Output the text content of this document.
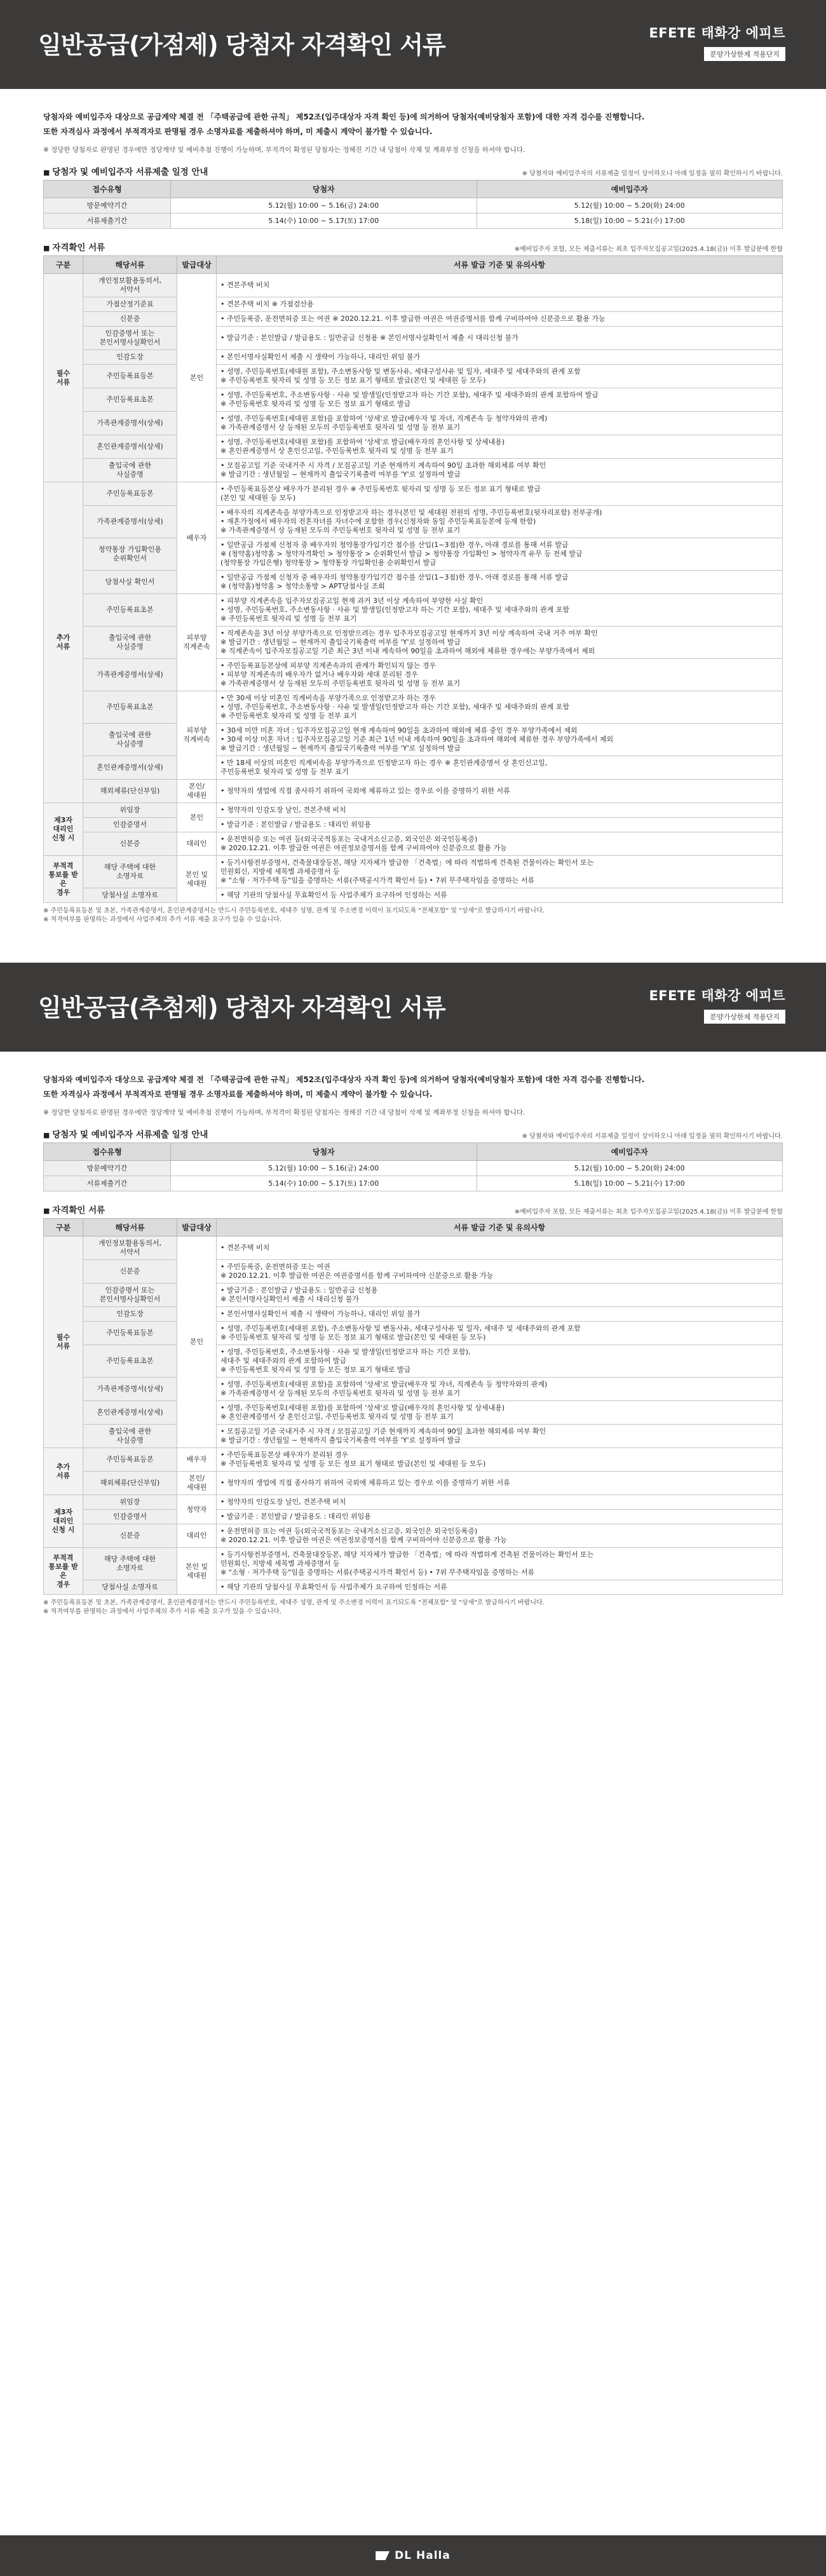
일반공급(가점제) 당첨자 자격확인 서류	EFETE 태화강 에피트
분양가상한제 적용단지

당첨자와 예비입주자 대상으로 공급계약 체결 전 「주택공급에 관한 규칙」 제52조(입주대상자 자격 확인 등)에 의거하여 당첨자(예비당첨자 포함)에 대한 자격 검수를 진행합니다.

또한 자격심사 과정에서 부적격자로 판명될 경우 소명자료를 제출하셔야 하며, 미 제출시 계약이 불가할 수 있습니다.

※ 정당한 당첨자로 판명된 경우에만 정당계약 및 예비추첨 진행이 가능하며, 부적격이 확정된 당첨자는 정해진 기간 내 당첨이 삭제 및 계좌부정 신청을 하셔야 합니다.

■ 당첨자 및 예비입주자 서류제출 일정 안내	※ 당첨자와 예비입주자의 서류제출 일정이 상이하오니 아래 일정을 필히 확인하시기 바랍니다.
접수유형	당첨자	예비입주자
방문예약기간	5.12(월) 10:00 ~ 5.16(금) 24:00	5.12(월) 10:00 ~ 5.20(화) 24:00
서류제출기간	5.14(수) 10:00 ~ 5.17(토) 17:00	5.18(일) 10:00 ~ 5.21(수) 17:00
■ 자격확인 서류	※예비입주자 포함, 모든 제출서류는 최초 입주자모집공고일(2025.4.18(금)) 이후 발급분에 한함
구분	해당서류	발급대상	서류 발급 기준 및 유의사항
필수
서류	개인정보활용동의서,
서약서	본인	• 견본주택 비치
	가점산정기준표		• 견본주택 비치 ※ 가점검산용
	신분증		• 주민등록증, 운전면허증 또는 여권 ※ 2020.12.21. 이후 발급한 여권은 여권증명서를 함께 구비하여야 신분증으로 활용 가능
	인감증명서 또는
본인서명사실확인서		• 발급기준 : 본인발급 / 발급용도 : 일반공급 신청용 ※ 본인서명사실확인서 제출 시 대리신청 불가
	인감도장		• 본인서명사실확인서 제출 시 생략이 가능하나, 대리인 위임 불가
	주민등록표등본		• 성명, 주민등록번호(세대원 포함), 주소변동사항 및 변동사유, 세대구성사유 및 일자, 세대주 및 세대주와의 관계 포함
※ 주민등록번호 뒷자리 및 성명 등 모든 정보 표기 형태로 발급(본인 및 세대원 등 모두)
	주민등록표초본		• 성명, 주민등록번호, 주소변동사항 · 사유 및 발생일(인정받고자 하는 기간 포함), 세대주 및 세대주와의 관계 포함하여 발급
※ 주민등록번호 뒷자리 및 성명 등 모든 정보 표기 형태로 발급
	가족관계증명서(상세)		• 성명, 주민등록번호(세대원 포함)을 포함하여 '상세'로 발급(배우자 및 자녀, 직계존속 등 청약자와의 관계)
※ 가족관계증명서 상 등재된 모두의 주민등록번호 뒷자리 및 성명 등 전부 표기
	혼인관계증명서(상세)		• 성명, 주민등록번호(세대원 포함)를 포함하여 '상세'로 발급(배우자의 혼인사항 및 상세내용)
※ 혼인관계증명서 상 혼인신고일, 주민등록번호 뒷자리 및 성명 등 전부 표기
	출입국에 관한
사실증명		• 모집공고일 기준 국내거주 시 자격 / 모집공고일 기준 현재까지 계속하여 90일 초과한 해외체류 여부 확인
※ 발급기간 : 생년월일 ~ 현재까지 출입국기록출력 여부를 'Y'로 설정하여 발급
추가
서류	주민등록표등본	배우자	• 주민등록표등본상 배우자가 분리된 경우 ※ 주민등록번호 뒷자리 및 성명 등 모든 정보 표기 형태로 발급
(본인 및 세대원 등 모두)
	가족관계증명서(상세)		• 배우자의 직계존속을 부양가족으로 인정받고자 하는 경우(본인 및 세대원 전원의 성명, 주민등록번호(뒷자리포함) 전부공개)
• 재혼가정에서 배우자의 전혼자녀를 자녀수에 포함한 경우(신청자와 동일 주민등록표등본에 등재 한함)
※ 가족관계증명서 상 등재된 모두의 주민등록번호 뒷자리 및 성명 등 전부 표기
	청약통장 가입확인용
순위확인서		• 일반공급 가점제 신청자 중 배우자의 청약통장가입기간 점수를 산입(1~3점)한 경우, 아래 경로를 통해 서류 발급
※ (청약홈)청약홈 > 청약자격확인 > 청약통장 > 순위확인서 발급 > 청약통장 가입확인 > 청약자격 유무 등 전체 발급
(청약통장 가입은행) 청약통장 > 청약통장 가입확인용 순위확인서 발급
	당첨사실 확인서		• 일반공급 가점제 신청자 중 배우자의 청약통장가입기간 점수를 산입(1~3점)한 경우, 아래 경로를 통해 서류 발급
※ (청약홈)청약홈 > 청약소통방 > APT당첨사실 조회
	주민등록표초본	피부양
직계존속	• 피부양 직계존속을 입주자모집공고일 현재 과거 3년 이상 계속하여 부양한 사실 확인
• 성명, 주민등록번호, 주소변동사항 · 사유 및 발생일(인정받고자 하는 기간 포함), 세대주 및 세대주와의 관계 포함
※ 주민등록번호 뒷자리 및 성명 등 전부 표기
	출입국에 관한
사실증명		• 직계존속을 3년 이상 부양가족으로 인정받으려는 경우 입주자모집공고일 현재까지 3년 이상 계속하여 국내 거주 여부 확인
※ 발급기간 : 생년월일 ~ 현재까지 출입국기록출력 여부를 'Y'로 설정하여 발급
※ 직계존속이 입주자모집공고일 기준 최근 3년 이내 계속하여 90일을 초과하여 해외에 체류한 경우에는 부양가족에서 제외
	가족관계증명서(상세)		• 주민등록표등본상에 피부양 직계존속과의 관계가 확인되지 않는 경우
• 피부양 직계존속의 배우자가 없거나 배우자와 세대 분리된 경우
※ 가족관계증명서 상 등재된 모두의 주민등록번호 뒷자리 및 성명 등 전부 표기
	주민등록표초본	피부양
직계비속	• 만 30세 이상 미혼인 직계비속을 부양가족으로 인정받고자 하는 경우
• 성명, 주민등록번호, 주소변동사항 · 사유 및 발생일(인정받고자 하는 기간 포함), 세대주 및 세대주와의 관계 포함
※ 주민등록번호 뒷자리 및 성명 등 전부 표기
	출입국에 관한
사실증명		• 30세 미만 미혼 자녀 : 입주자모집공고일 현재 계속하여 90일을 초과하여 해외에 체류 중인 경우 부양가족에서 제외
• 30세 이상 미혼 자녀 : 입주자모집공고일 기준 최근 1년 이내 계속하여 90일을 초과하여 해외에 체류한 경우 부양가족에서 제외
※ 발급기간 : 생년월일 ~ 현재까지 출입국기록출력 여부를 'Y'로 설정하여 발급
	혼인관계증명서(상세)		• 만 18세 이상의 미혼인 직계비속을 부양가족으로 인정받고자 하는 경우 ※ 혼인관계증명서 상 혼인신고일,
주민등록번호 뒷자리 및 성명 등 전부 표기
	해외체류(단신부임)	본인/
세대원	• 청약자의 생업에 직접 종사하기 위하여 국외에 체류하고 있는 경우로 이를 증명하기 위한 서류
제3자
대리인
신청 시	위임장	본인	• 청약자의 인감도장 날인, 견본주택 비치
	인감증명서		• 발급기준 : 본인발급 / 발급용도 : 대리인 위임용
	신분증	대리인	• 운전면허증 또는 여권 등(외국국적동포는 국내거소신고증, 외국인은 외국인등록증)
※ 2020.12.21. 이후 발급한 여권은 여권정보증명서를 함께 구비하여야 신분증으로 활용 가능
부적격
통보를 받은
경우	해당 주택에 대한
소명자료	본인 및
세대원	• 등기사항전부증명서, 건축물대장등본, 해당 지자체가 발급한 「건축법」에 따라 적법하게 건축된 건물이라는 확인서 또는
민원회신, 지방세 세목별 과세증명서 등
※ "소형 · 저가주택 등"임을 증명하는 서류(주택공시가격 확인서 등) • 7위 무주택자임을 증명하는 서류
	당첨사실 소명자료		• 해당 기관의 당첨사실 무효확인서 등 사업주체가 요구하여 인정하는 서류

※ 주민등록표등본 및 초본, 가족관계증명서, 혼인관계증명서는 반드시 주민등록번호, 세대주 성명, 관계 및 주소변경 이력이 표기되도록 "전체포함" 및 "상세"로 발급하시기 바랍니다.

※ 적격여부를 판명하는 과정에서 사업주체의 추가 서류 제출 요구가 있을 수 있습니다.

일반공급(추첨제) 당첨자 자격확인 서류	EFETE 태화강 에피트
분양가상한제 적용단지

당첨자와 예비입주자 대상으로 공급계약 체결 전 「주택공급에 관한 규칙」 제52조(입주대상자 자격 확인 등)에 의거하여 당첨자(예비당첨자 포함)에 대한 자격 검수를 진행합니다.

또한 자격심사 과정에서 부적격자로 판명될 경우 소명자료를 제출하셔야 하며, 미 제출시 계약이 불가할 수 있습니다.

※ 정당한 당첨자로 판명된 경우에만 정당계약 및 예비추첨 진행이 가능하며, 부적격이 확정된 당첨자는 정해진 기간 내 당첨이 삭제 및 계좌부정 신청을 하셔야 합니다.

■ 당첨자 및 예비입주자 서류제출 일정 안내	※ 당첨자와 예비입주자의 서류제출 일정이 상이하오니 아래 일정을 필히 확인하시기 바랍니다.
접수유형	당첨자	예비입주자
방문예약기간	5.12(월) 10:00 ~ 5.16(금) 24:00	5.12(월) 10:00 ~ 5.20(화) 24:00
서류제출기간	5.14(수) 10:00 ~ 5.17(토) 17:00	5.18(일) 10:00 ~ 5.21(수) 17:00
■ 자격확인 서류	※예비입주자 포함, 모든 제출서류는 최초 입주자모집공고일(2025.4.18(금)) 이후 발급분에 한함
구분	해당서류	발급대상	서류 발급 기준 및 유의사항
필수
서류	개인정보활용동의서,
서약서	본인	• 견본주택 비치
	신분증		• 주민등록증, 운전면허증 또는 여권
※ 2020.12.21. 이후 발급한 여권은 여권증명서를 함께 구비하여야 신분증으로 활용 가능
	인감증명서 또는
본인서명사실확인서		• 발급기준 : 본인발급 / 발급용도 : 일반공급 신청용
※ 본인서명사실확인서 제출 시 대리신청 불가
	인감도장		• 본인서명사실확인서 제출 시 생략이 가능하나, 대리인 위임 불가
	주민등록표등본		• 성명, 주민등록번호(세대원 포함), 주소변동사항 및 변동사유, 세대구성사유 및 일자, 세대주 및 세대주와의 관계 포함
※ 주민등록번호 뒷자리 및 성명 등 모든 정보 표기 형태로 발급(본인 및 세대원 등 모두)
	주민등록표초본		• 성명, 주민등록번호, 주소변동사항 · 사유 및 발생일(인정받고자 하는 기간 포함),
세대주 및 세대주와의 관계 포함하여 발급
※ 주민등록번호 뒷자리 및 성명 등 모든 정보 표기 형태로 발급
	가족관계증명서(상세)		• 성명, 주민등록번호(세대원 포함)을 포함하여 '상세'로 발급(배우자 및 자녀, 직계존속 등 청약자와의 관계)
※ 가족관계증명서 상 등재된 모두의 주민등록번호 뒷자리 및 성명 등 전부 표기
	혼인관계증명서(상세)		• 성명, 주민등록번호(세대원 포함)를 포함하여 '상세'로 발급(배우자의 혼인사항 및 상세내용)
※ 혼인관계증명서 상 혼인신고일, 주민등록번호 뒷자리 및 성명 등 전부 표기
	출입국에 관한
사실증명		• 모집공고일 기준 국내거주 시 자격 / 모집공고일 기준 현재까지 계속하여 90일 초과한 해외체류 여부 확인
※ 발급기간 : 생년월일 ~ 현재까지 출입국기록출력 여부를 'Y'로 설정하여 발급
추가
서류	주민등록표등본	배우자	• 주민등록표등본상 배우자가 분리된 경우
※ 주민등록번호 뒷자리 및 성명 등 모든 정보 표기 형태로 발급(본인 및 세대원 등 모두)
	해외체류(단신부임)	본인/
세대원	• 청약자의 생업에 직접 종사하기 위하여 국외에 체류하고 있는 경우로 이를 증명하기 위한 서류
제3자
대리인
신청 시	위임장	청약자	• 청약자의 인감도장 날인, 견본주택 비치
	인감증명서		• 발급기준 : 본인발급 / 발급용도 : 대리인 위임용
	신분증	대리인	• 운전면허증 또는 여권 등(외국국적동포는 국내거소신고증, 외국인은 외국인등록증)
※ 2020.12.21. 이후 발급한 여권은 여권정보증명서를 함께 구비하여야 신분증으로 활용 가능
부적격
통보를 받은
경우	해당 주택에 대한
소명자료	본인 및
세대원	• 등기사항전부증명서, 건축물대장등본, 해당 지자체가 발급한 「건축법」에 따라 적법하게 건축된 건물이라는 확인서 또는
민원회신, 지방세 세목별 과세증명서 등
※ "소형 · 저가주택 등"임을 증명하는 서류(주택공시가격 확인서 등) • 7위 무주택자임을 증명하는 서류
	당첨사실 소명자료		• 해당 기관의 당첨사실 무효확인서 등 사업주체가 요구하여 인정하는 서류

※ 주민등록표등본 및 초본, 가족관계증명서, 혼인관계증명서는 반드시 주민등록번호, 세대주 성명, 관계 및 주소변경 이력이 표기되도록 "전체포함" 및 "상세"로 발급하시기 바랍니다.

※ 적격여부를 판명하는 과정에서 사업주체의 추가 서류 제출 요구가 있을 수 있습니다.

DL Halla
